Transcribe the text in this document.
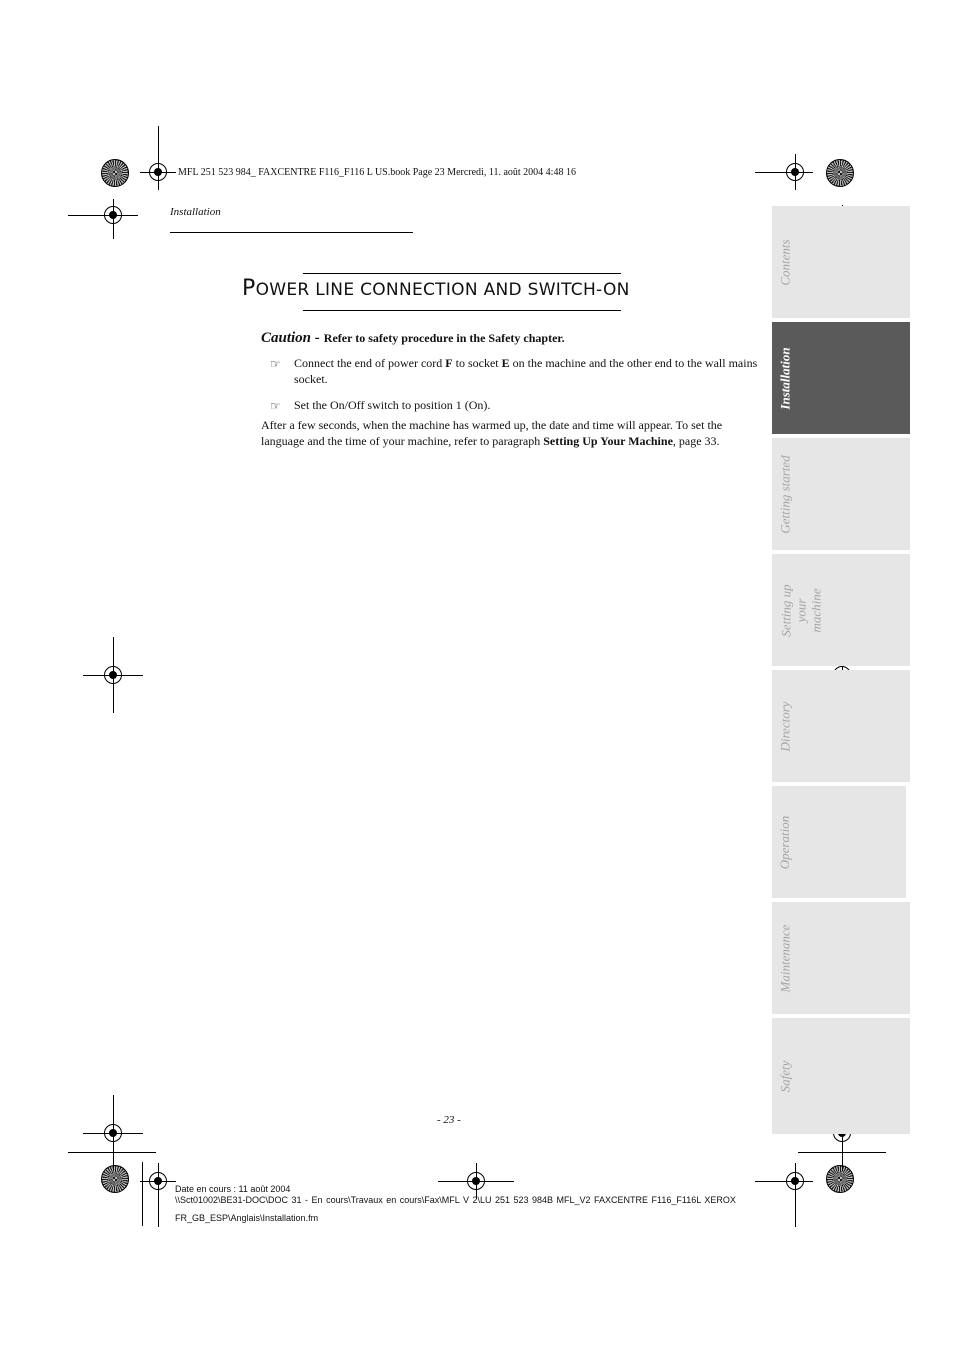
MFL 251 523 984_ FAXCENTRE F116_F116 L US.book Page 23 Mercredi, 11. août 2004 4:48 16
Installation
POWER LINE CONNECTION AND SWITCH-ON
Caution - Refer to safety procedure in the Safety chapter.
☞ Connect the end of power cord F to socket E on the machine and the other end to the wall mains socket.
☞ Set the On/Off switch to position 1 (On).
After a few seconds, when the machine has warmed up, the date and time will appear. To set the language and the time of your machine, refer to paragraph Setting Up Your Machine, page 33.
Contents
Installation
Getting started
Setting up your machine
Directory
Operation
Maintenance
Safety
- 23 -
Date en cours : 11 août 2004
\\Sct01002\BE31-DOC\DOC 31 - En cours\Travaux en cours\Fax\MFL V 2\LU 251 523 984B MFL_V2 FAXCENTRE F116_F116L XEROX
FR_GB_ESP\Anglais\Installation.fm
